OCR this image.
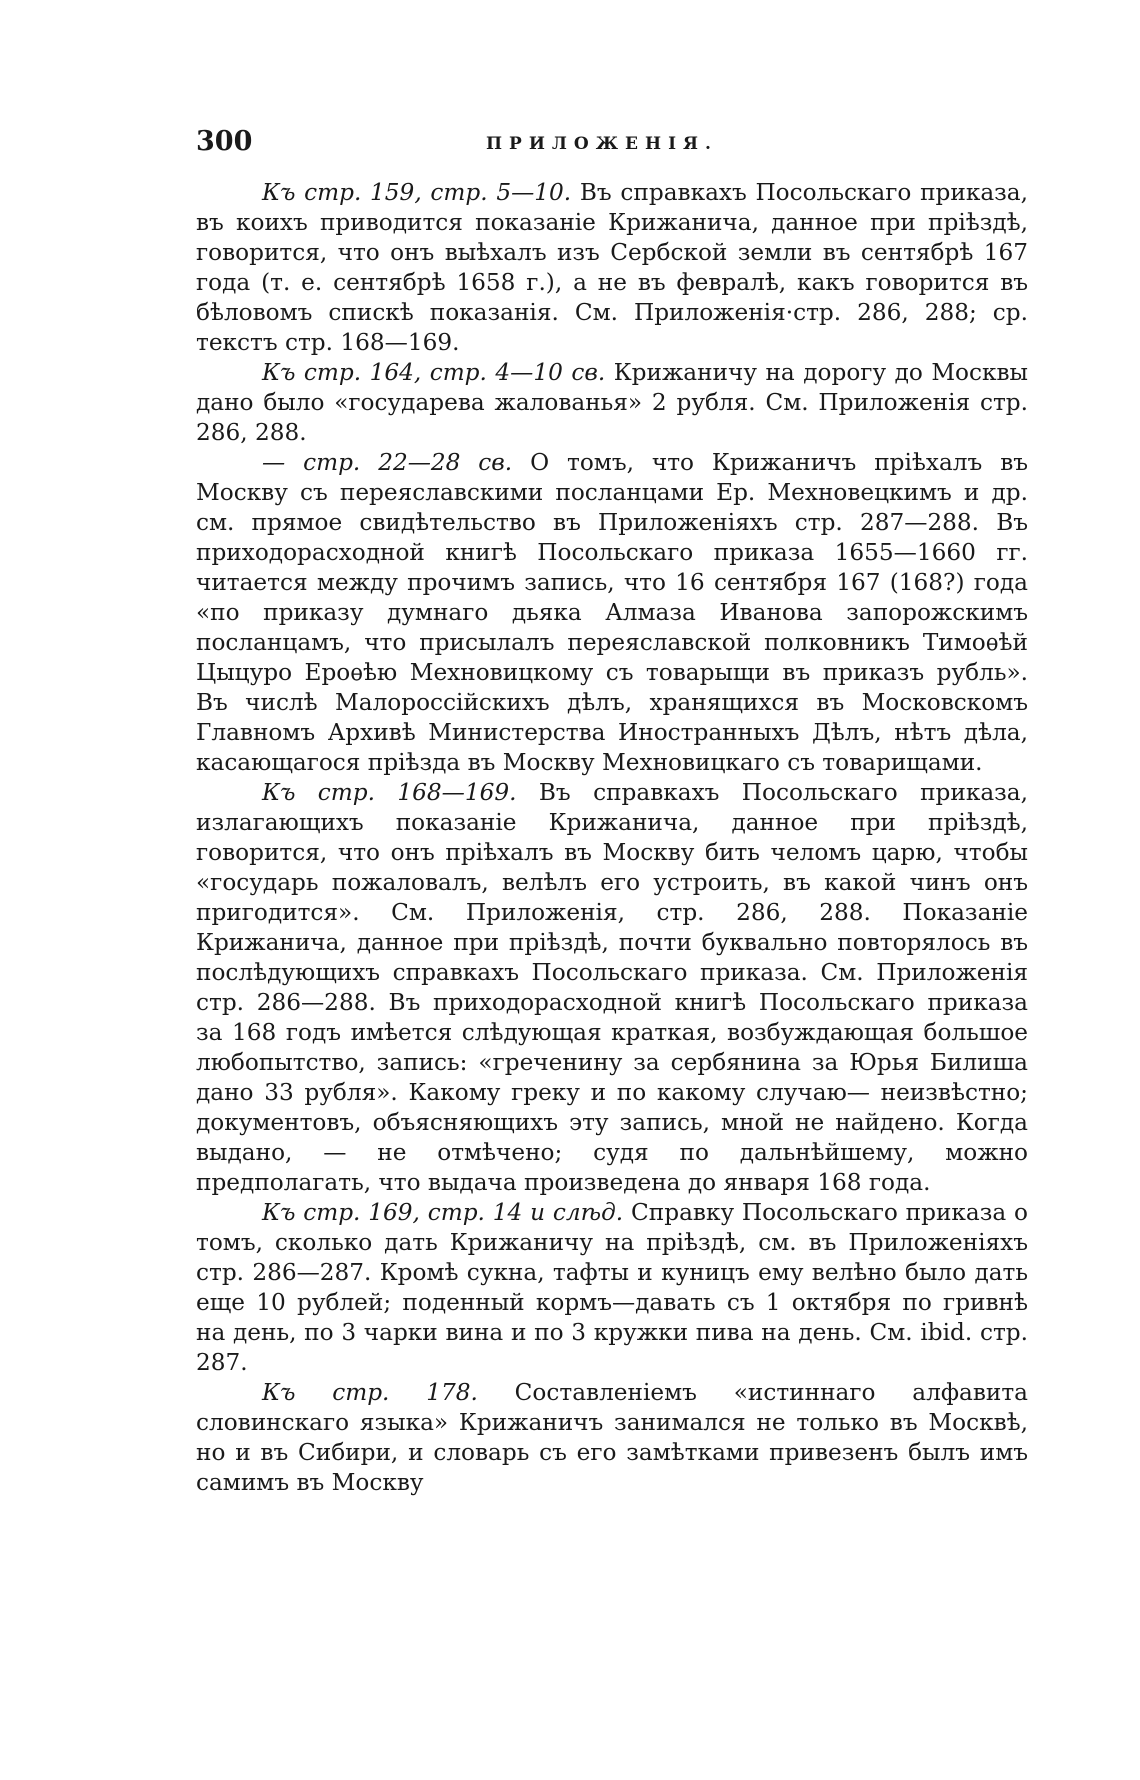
300	ПРИЛОЖЕНІЯ.

Къ стр. 159, стр. 5—10. Въ справкахъ Посольскаго приказа, въ коихъ приводится показаніе Крижанича, данное при пріѣздѣ, говорится, что онъ выѣхалъ изъ Сербской земли въ сентябрѣ 167 года (т. е. сентябрѣ 1658 г.), а не въ февралѣ, какъ говорится въ бѣловомъ спискѣ показанія. См. Приложенія·стр. 286, 288; ср. текстъ стр. 168—169.

Къ стр. 164, стр. 4—10 св. Крижаничу на дорогу до Москвы дано было «государева жалованья» 2 рубля. См. Приложенія стр. 286, 288.

— стр. 22—28 св. О томъ, что Крижаничъ пріѣхалъ въ Москву съ переяславскими посланцами Ер. Мехновецкимъ и др. см. прямое свидѣтельство въ Приложеніяхъ стр. 287—288. Въ приходорасходной книгѣ Посольскаго приказа 1655—1660 гг. читается между прочимъ запись, что 16 сентября 167 (168?) года «по приказу думнаго дьяка Алмаза Иванова запорожскимъ посланцамъ, что присылалъ переяславской полковникъ Тимоѳѣй Цыцуро Ероѳѣю Мехновицкому съ товарыщи въ приказъ рубль». Въ числѣ Малороссійскихъ дѣлъ, хранящихся въ Московскомъ Главномъ Архивѣ Министерства Иностранныхъ Дѣлъ, нѣтъ дѣла, касающагося пріѣзда въ Москву Мехновицкаго съ товарищами.

Къ стр. 168—169. Въ справкахъ Посольскаго приказа, излагающихъ показаніе Крижанича, данное при пріѣздѣ, говорится, что онъ пріѣхалъ въ Москву бить челомъ царю, чтобы «государь пожаловалъ, велѣлъ его устроить, въ какой чинъ онъ пригодится». См. Приложенія, стр. 286, 288. Показаніе Крижанича, данное при пріѣздѣ, почти буквально повторялось въ послѣдующихъ справкахъ Посольскаго приказа. См. Приложенія стр. 286—288. Въ приходорасходной книгѣ Посольскаго приказа за 168 годъ имѣется слѣдующая краткая, возбуждающая большое любопытство, запись: «греченину за сербянина за Юрья Билиша дано 33 рубля». Какому греку и по какому случаю— неизвѣстно; документовъ, объясняющихъ эту запись, мной не найдено. Когда выдано, — не отмѣчено; судя по дальнѣйшему, можно предполагать, что выдача произведена до января 168 года.

Къ стр. 169, стр. 14 и слѣд. Справку Посольскаго приказа о томъ, сколько дать Крижаничу на пріѣздѣ, см. въ Приложеніяхъ стр. 286—287. Кромѣ сукна, тафты и куницъ ему велѣно было дать еще 10 рублей; поденный кормъ—давать съ 1 октября по гривнѣ на день, по 3 чарки вина и по 3 кружки пива на день. См. ibid. стр. 287.

Къ стр. 178. Составленіемъ «истиннаго алфавита словинскаго языка» Крижаничъ занимался не только въ Москвѣ, но и въ Сибири, и словарь съ его замѣтками привезенъ былъ имъ самимъ въ Москву
